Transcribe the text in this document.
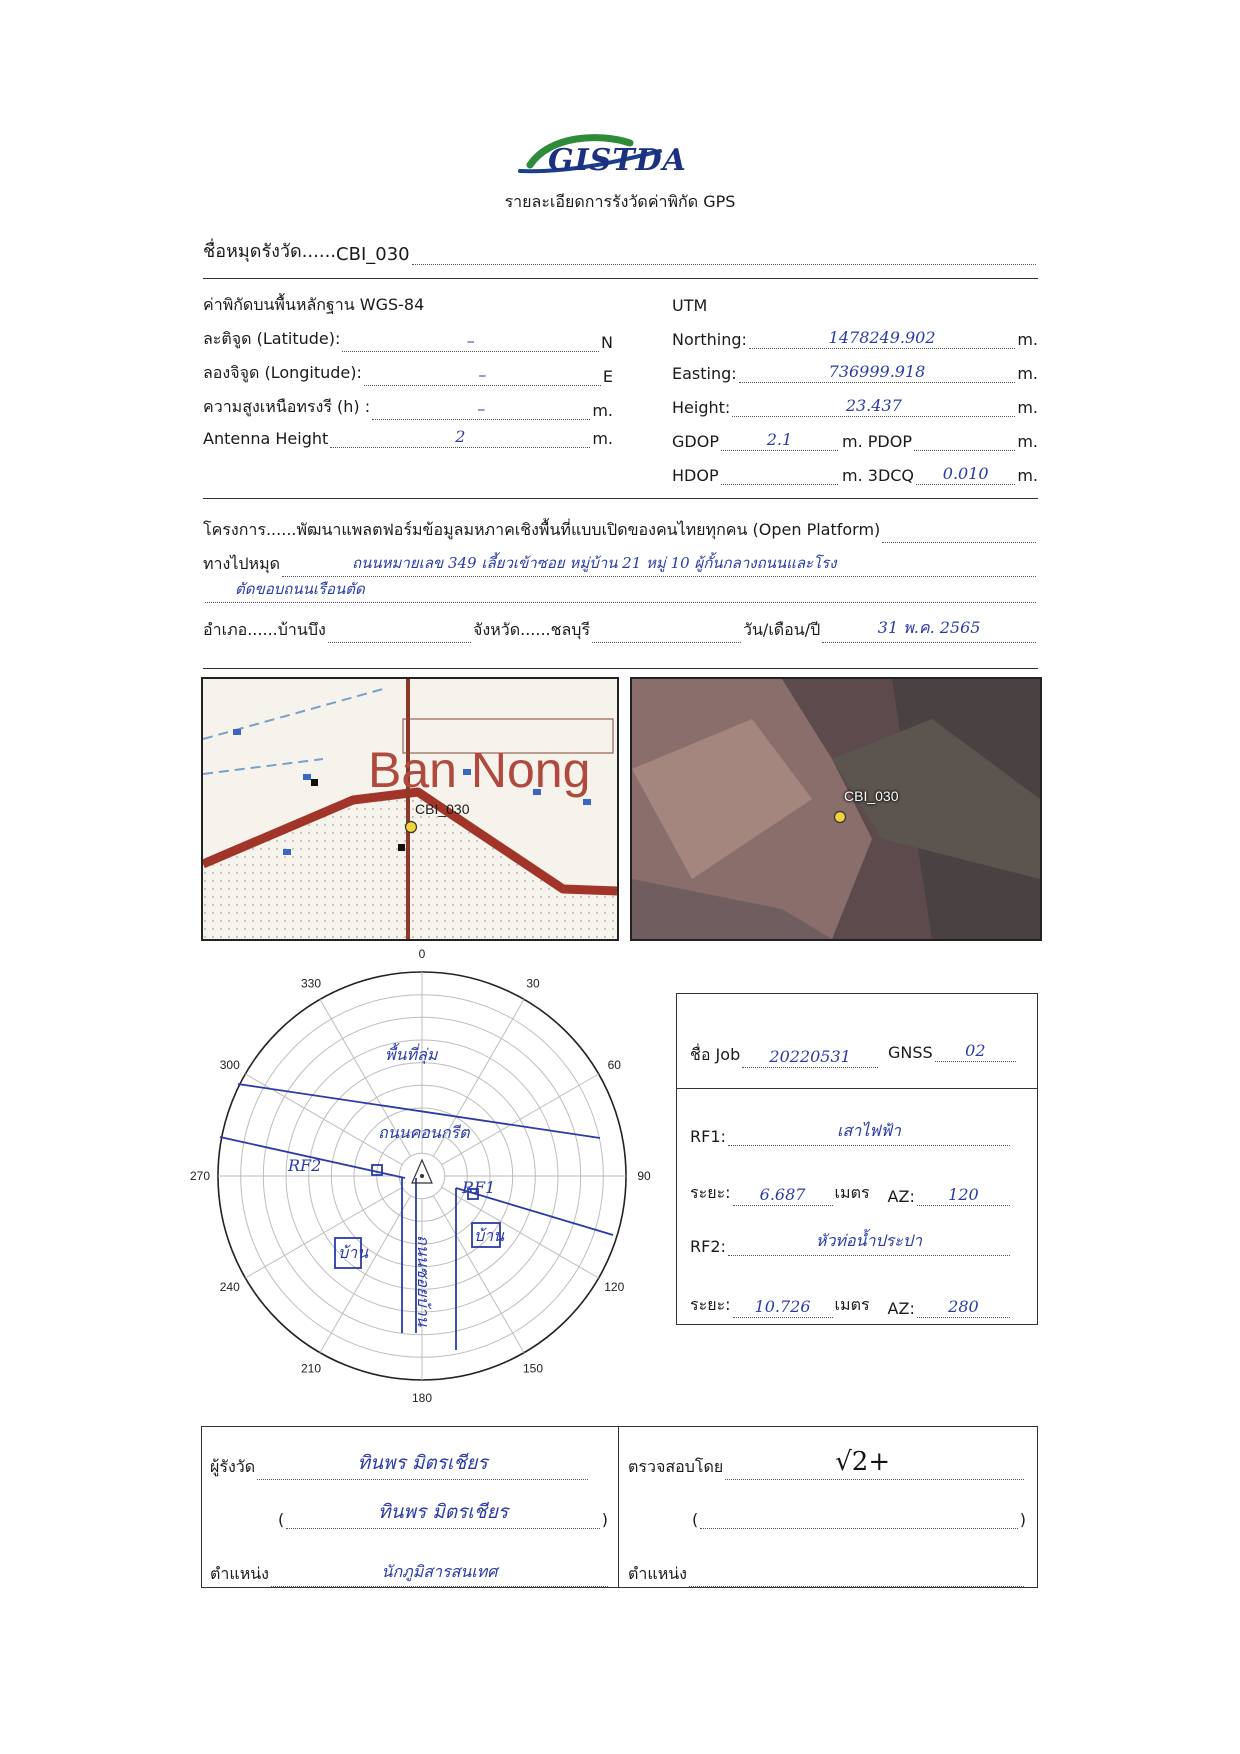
GISTDA
รายละเอียดการรังวัดค่าพิกัด GPS
ชื่อหมุดรังวัด...... CBI_030
ค่าพิกัดบนพื้นหลักฐาน WGS-84	UTM
ละติจูด (Latitude):	–	N
ลองจิจูด (Longitude):	–	E
ความสูงเหนือทรงรี (h) :	–	m.
Antenna Height	2	m.
Northing:	1478249.902	m.
Easting:	736999.918	m.
Height:	23.437	m.
GDOP	2.1	m. PDOP	m.
HDOP	m. 3DCQ	0.010	m.
โครงการ...... พัฒนาแพลตฟอร์มข้อมูลมหภาคเชิงพื้นที่แบบเปิดของคนไทยทุกคน (Open Platform)
ทางไปหมุด	ถนนหมายเลข 349 เลี้ยวเข้าซอย หมู่บ้าน 21 หมู่ 10 ผู้กั้นกลางถนนและโรง
ตัดขอบถนนเรือนตัด
อำเภอ...... บ้านบึง	จังหวัด ......ชลบุรี	วัน/เดือน/ปี	31 พ.ค. 2565
Ban Nong
CBI_030
CBI_030
0
30
60
90
120
150
180
210
240
270
300
330
พื้นที่ลุ่ม
ถนนคอนกรีต
RF2
RF1
บ้าน
บ้าน
ถนนซอยบ้าน
ชื่อ Job	20220531	GNSS	02
RF1:	เสาไฟฟ้า
ระยะ:	6.687	เมตร AZ:	120
RF2:	หัวท่อน้ำประปา
ระยะ:	10.726	เมตร AZ:	280
ผู้รังวัด	ทินพร มิตรเชียร
(	ทินพร มิตรเชียร	)
ตำแหน่ง	นักภูมิสารสนเทศ
ตรวจสอบโดย	√2+
(	)
ตำแหน่ง
